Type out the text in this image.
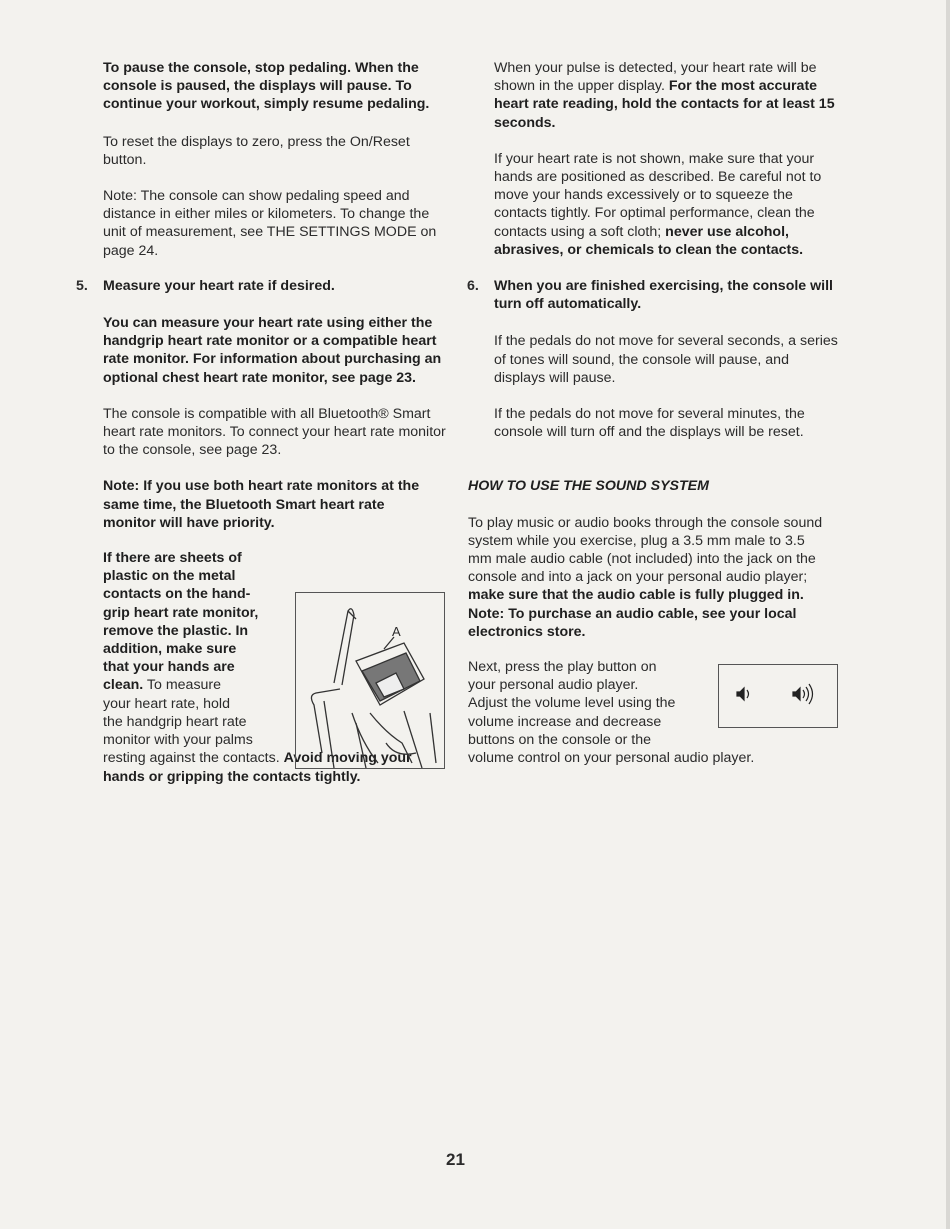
To pause the console, stop pedaling. When the console is paused, the displays will pause. To continue your workout, simply resume pedaling.

To reset the displays to zero, press the On/Reset button.

Note: The console can show pedaling speed and distance in either miles or kilometers. To change the unit of measurement, see THE SETTINGS MODE on page 24.

5. Measure your heart rate if desired.

You can measure your heart rate using either the handgrip heart rate monitor or a compatible heart rate monitor. For information about purchasing an optional chest heart rate monitor, see page 23.

The console is compatible with all Bluetooth® Smart heart rate monitors. To connect your heart rate monitor to the console, see page 23.

Note: If you use both heart rate monitors at the same time, the Bluetooth Smart heart rate monitor will have priority.

If there are sheets of
plastic on the metal
contacts on the hand-
grip heart rate monitor,
remove the plastic. In
addition, make sure
that your hands are
clean. To measure
your heart rate, hold
the handgrip heart rate
monitor with your palms
resting against the contacts. Avoid moving your hands or gripping the contacts tightly.
A

When your pulse is detected, your heart rate will be shown in the upper display. For the most accurate heart rate reading, hold the contacts for at least 15 seconds.

If your heart rate is not shown, make sure that your hands are positioned as described. Be careful not to move your hands excessively or to squeeze the contacts tightly. For optimal performance, clean the contacts using a soft cloth; never use alcohol, abrasives, or chemicals to clean the contacts.

6. When you are finished exercising, the console will turn off automatically.

If the pedals do not move for several seconds, a series of tones will sound, the console will pause, and displays will pause.

If the pedals do not move for several minutes, the console will turn off and the displays will be reset.

HOW TO USE THE SOUND SYSTEM

To play music or audio books through the console sound system while you exercise, plug a 3.5 mm male to 3.5 mm male audio cable (not included) into the jack on the console and into a jack on your personal audio player; make sure that the audio cable is fully plugged in. Note: To purchase an audio cable, see your local electronics store.

Next, press the play button on
your personal audio player.
Adjust the volume level using the
volume increase and decrease
buttons on the console or the
volume control on your personal audio player.
21
